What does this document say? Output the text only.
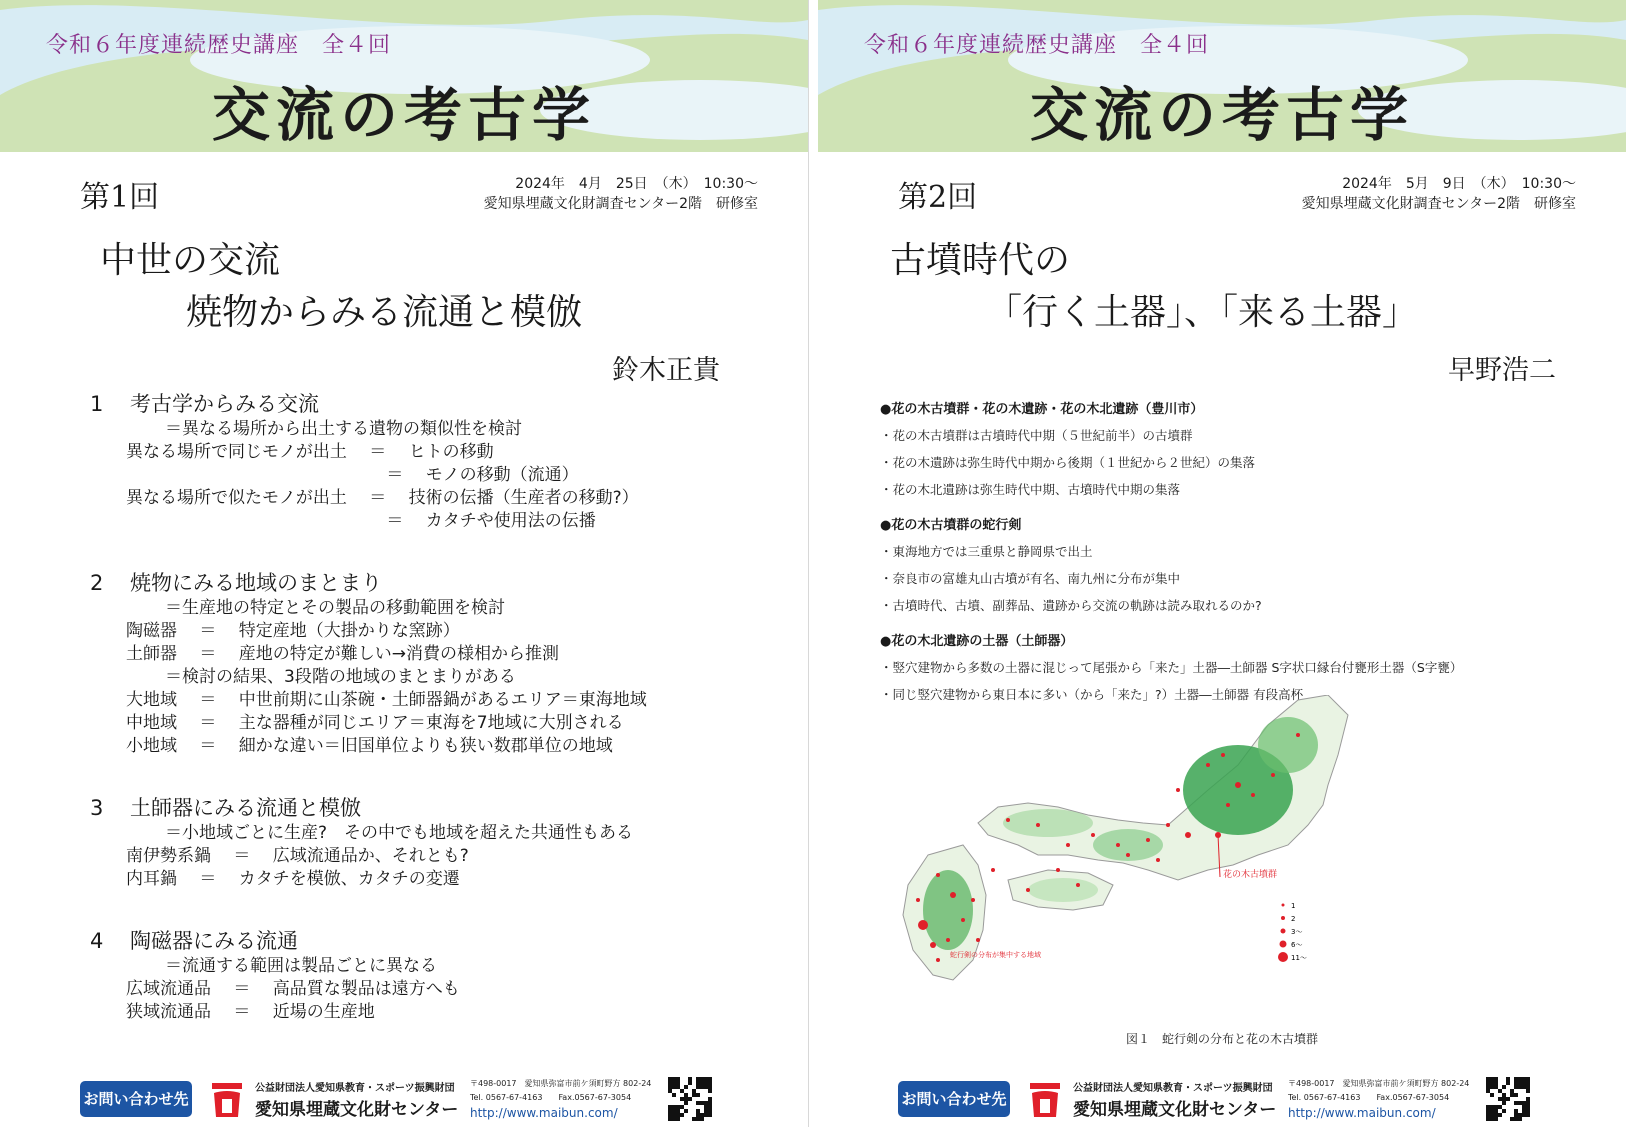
令和６年度連続歴史講座　全４回
交流の考古学
第1回	2024年　4月　25日　（木）　10:30～
愛知県埋蔵文化財調査センター2階　研修室
中世の交流
焼物からみる流通と模倣
鈴木正貴
1 考古学からみる交流
＝異なる場所から出土する遺物の類似性を検討
異なる場所で同じモノが出土　 ＝　 ヒトの移動
　　　　　　　　　　　　　　　 ＝　 モノの移動（流通）
異なる場所で似たモノが出土　 ＝　 技術の伝播（生産者の移動?）
　　　　　　　　　　　　　　　 ＝　 カタチや使用法の伝播
2 焼物にみる地域のまとまり
＝生産地の特定とその製品の移動範囲を検討
陶磁器　 ＝　 特定産地（大掛かりな窯跡）
土師器　 ＝　 産地の特定が難しい→消費の様相から推測
＝検討の結果、3段階の地域のまとまりがある
大地域　 ＝　 中世前期に山茶碗・土師器鍋があるエリア＝東海地域
中地域　 ＝　 主な器種が同じエリア＝東海を7地域に大別される
小地域　 ＝　 細かな違い＝旧国単位よりも狭い数郡単位の地域
3 土師器にみる流通と模倣
＝小地域ごとに生産?　その中でも地域を超えた共通性もある
南伊勢系鍋　 ＝　 広域流通品か、それとも?
内耳鍋　 ＝　 カタチを模倣、カタチの変遷
4 陶磁器にみる流通
＝流通する範囲は製品ごとに異なる
広域流通品　 ＝　 高品質な製品は遠方へも
狭域流通品　 ＝　 近場の生産地
令和６年度連続歴史講座　全４回
交流の考古学
第2回	2024年　5月　9日　（木）　10:30～
愛知県埋蔵文化財調査センター2階　研修室
古墳時代の
「行く土器」、「来る土器」
早野浩二
●花の木古墳群・花の木遺跡・花の木北遺跡（豊川市）
・花の木古墳群は古墳時代中期（５世紀前半）の古墳群
・花の木遺跡は弥生時代中期から後期（１世紀から２世紀）の集落
・花の木北遺跡は弥生時代中期、古墳時代中期の集落
●花の木古墳群の蛇行剣
・東海地方では三重県と静岡県で出土
・奈良市の富雄丸山古墳が有名、南九州に分布が集中
・古墳時代、古墳、副葬品、遺跡から交流の軌跡は読み取れるのか?
●花の木北遺跡の土器（土師器）
・竪穴建物から多数の土器に混じって尾張から「来た」土器―土師器 S字状口縁台付甕形土器（S字甕）
・同じ竪穴建物から東日本に多い（から「来た」?）土器―土師器 有段高杯
花の木古墳群
蛇行剣の分布が集中する地域
1
2
3～
6～
11～
図１　蛇行剣の分布と花の木古墳群
お問い合わせ先
公益財団法人愛知県教育・スポーツ振興財団
愛知県埋蔵文化財センター
〒498-0017　愛知県弥富市前ケ須町野方 802-24
Tel. 0567-67-4163　　 Fax.0567-67-3054
http://www.maibun.com/
お問い合わせ先
公益財団法人愛知県教育・スポーツ振興財団
愛知県埋蔵文化財センター
〒498-0017　愛知県弥富市前ケ須町野方 802-24
Tel. 0567-67-4163　　 Fax.0567-67-3054
http://www.maibun.com/
